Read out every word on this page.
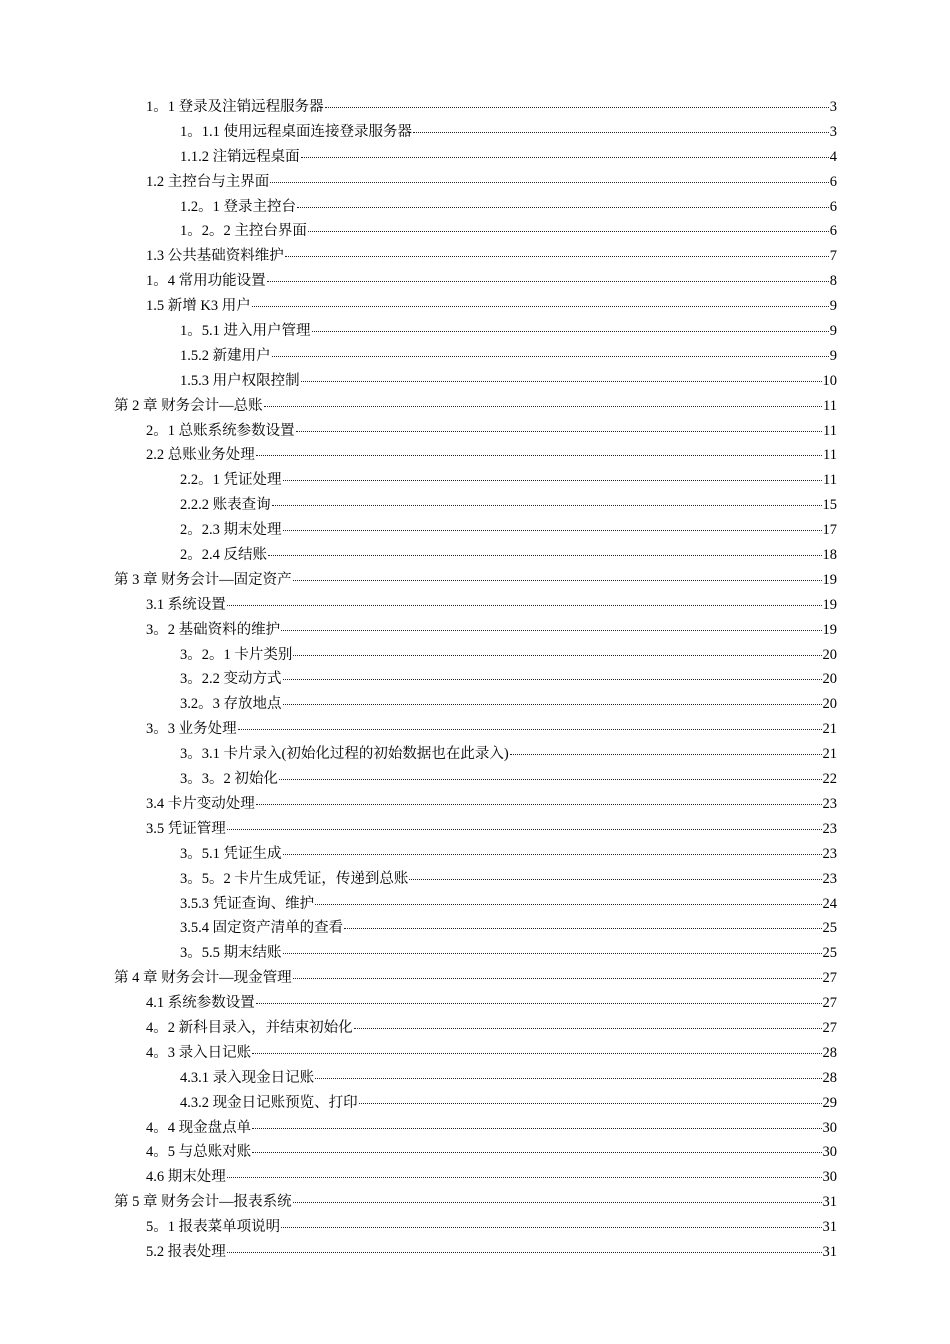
1。1 登录及注销远程服务器	3
1。1.1 使用远程桌面连接登录服务器	3
1.1.2 注销远程桌面	4
1.2 主控台与主界面	6
1.2。1 登录主控台	6
1。2。2 主控台界面	6
1.3 公共基础资料维护	7
1。4 常用功能设置	8
1.5 新增 K3 用户	9
1。5.1 进入用户管理	9
1.5.2 新建用户	9
1.5.3 用户权限控制	10
第 2 章 财务会计—总账	11
2。1 总账系统参数设置	11
2.2 总账业务处理	11
2.2。1 凭证处理	11
2.2.2 账表查询	15
2。2.3 期末处理	17
2。2.4 反结账	18
第 3 章 财务会计—固定资产	19
3.1 系统设置	19
3。2 基础资料的维护	19
3。2。1 卡片类别	20
3。2.2 变动方式	20
3.2。3 存放地点	20
3。3 业务处理	21
3。3.1 卡片录入(初始化过程的初始数据也在此录入)	21
3。3。2 初始化	22
3.4 卡片变动处理	23
3.5 凭证管理	23
3。5.1 凭证生成	23
3。5。2 卡片生成凭证，传递到总账	23
3.5.3 凭证查询、维护	24
3.5.4 固定资产清单的查看	25
3。5.5 期末结账	25
第 4 章 财务会计—现金管理	27
4.1 系统参数设置	27
4。2 新科目录入，并结束初始化	27
4。3 录入日记账	28
4.3.1 录入现金日记账	28
4.3.2 现金日记账预览、打印	29
4。4 现金盘点单	30
4。5 与总账对账	30
4.6 期末处理	30
第 5 章 财务会计—报表系统	31
5。1 报表菜单项说明	31
5.2 报表处理	31
